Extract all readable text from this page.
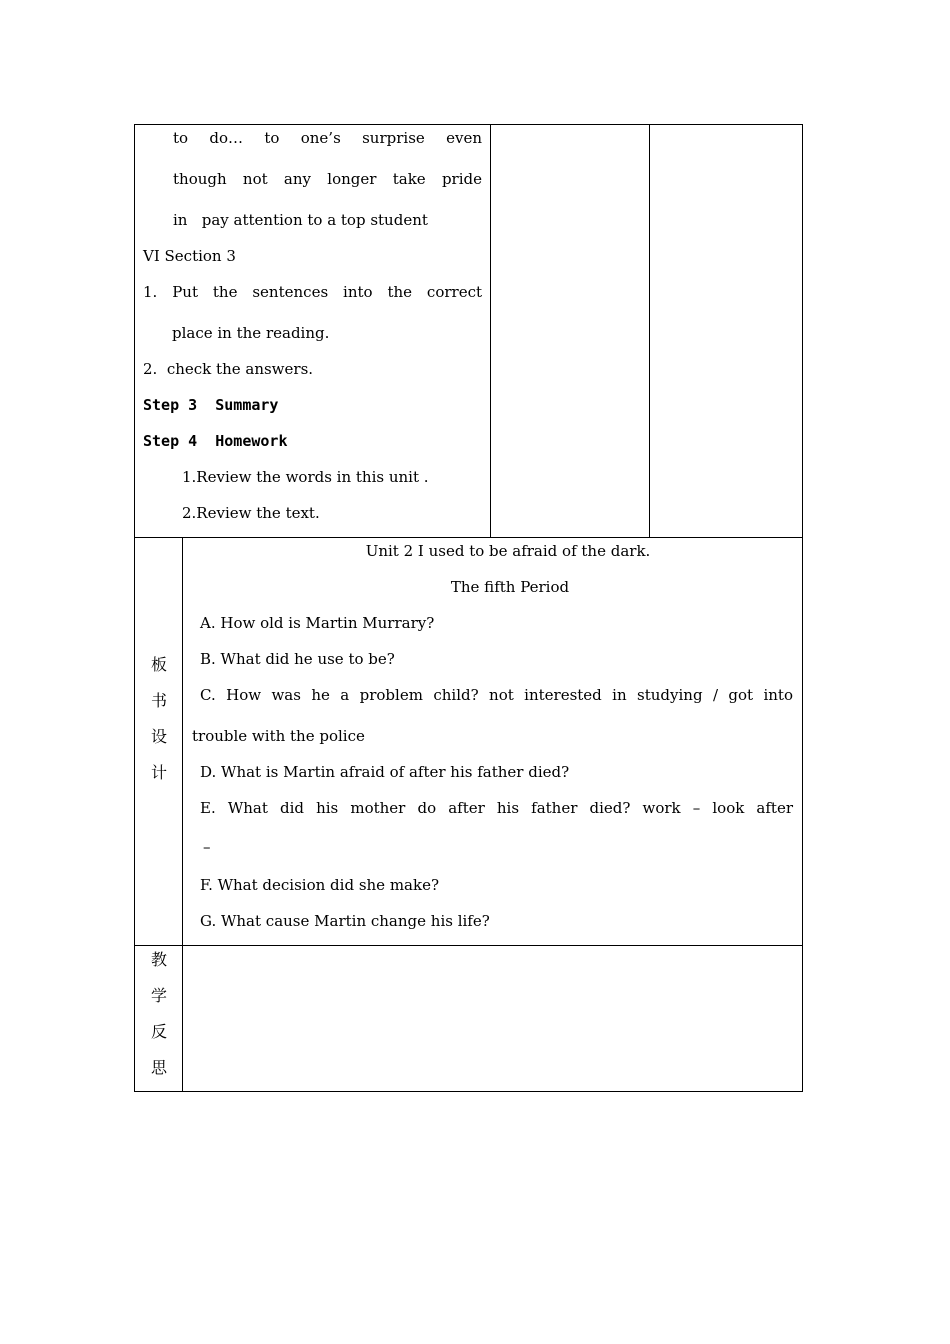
to do… to one’s surprise even
though not any longer take pride
in   pay attention to a top student
VI Section 3
1. Put the sentences into the correct
place in the reading.
2.  check the answers.
Step 3  Summary
Step 4  Homework
1.Review the words in this unit .
2.Review the text.
板
书
设
计
Unit 2 I used to be afraid of the dark.
The fifth Period
A. How old is Martin Murrary?
B. What did he use to be?
C. How was he a problem child? not interested in studying / got into
trouble with the police
D. What is Martin afraid of after his father died?
E. What did his mother do after his father died? work – look after
–
F. What decision did she make?
G. What cause Martin change his life?
教
学
反
思
